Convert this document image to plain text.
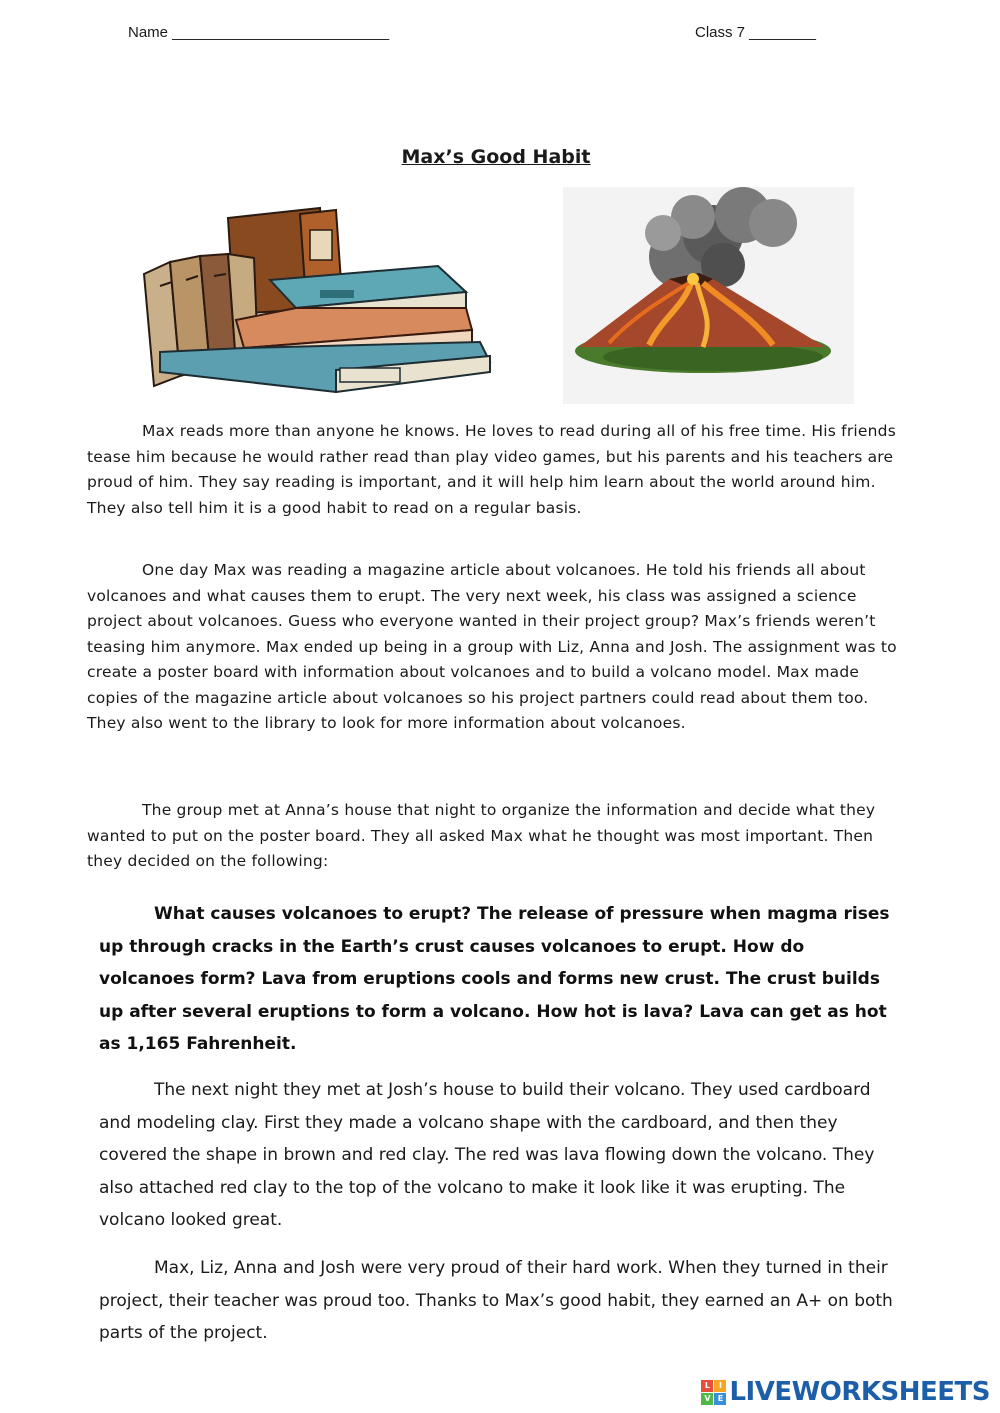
Name __________________________	Class 7 ________
Max’s Good Habit

Max reads more than anyone he knows. He loves to read during all of his free time. His friends tease him because he would rather read than play video games, but his parents and his teachers are proud of him. They say reading is important, and it will help him learn about the world around him. They also tell him it is a good habit to read on a regular basis.

One day Max was reading a magazine article about volcanoes. He told his friends all about volcanoes and what causes them to erupt. The very next week, his class was assigned a science project about volcanoes. Guess who everyone wanted in their project group? Max’s friends weren’t teasing him anymore. Max ended up being in a group with Liz, Anna and Josh. The assignment was to create a poster board with information about volcanoes and to build a volcano model. Max made copies of the magazine article about volcanoes so his project partners could read about them too. They also went to the library to look for more information about volcanoes.

The group met at Anna’s house that night to organize the information and decide what they wanted to put on the poster board. They all asked Max what he thought was most important. Then they decided on the following:

What causes volcanoes to erupt? The release of pressure when magma rises up through cracks in the Earth’s crust causes volcanoes to erupt. How do volcanoes form? Lava from eruptions cools and forms new crust. The crust builds up after several eruptions to form a volcano. How hot is lava? Lava can get as hot as 1,165 Fahrenheit.

The next night they met at Josh’s house to build their volcano. They used cardboard and modeling clay. First they made a volcano shape with the cardboard, and then they covered the shape in brown and red clay. The red was lava flowing down the volcano. They also attached red clay to the top of the volcano to make it look like it was erupting. The volcano looked great.

Max, Liz, Anna and Josh were very proud of their hard work. When they turned in their project, their teacher was proud too. Thanks to Max’s good habit, they earned an A+ on both parts of the project.

L	I
V E LIVEWORKSHEETS
